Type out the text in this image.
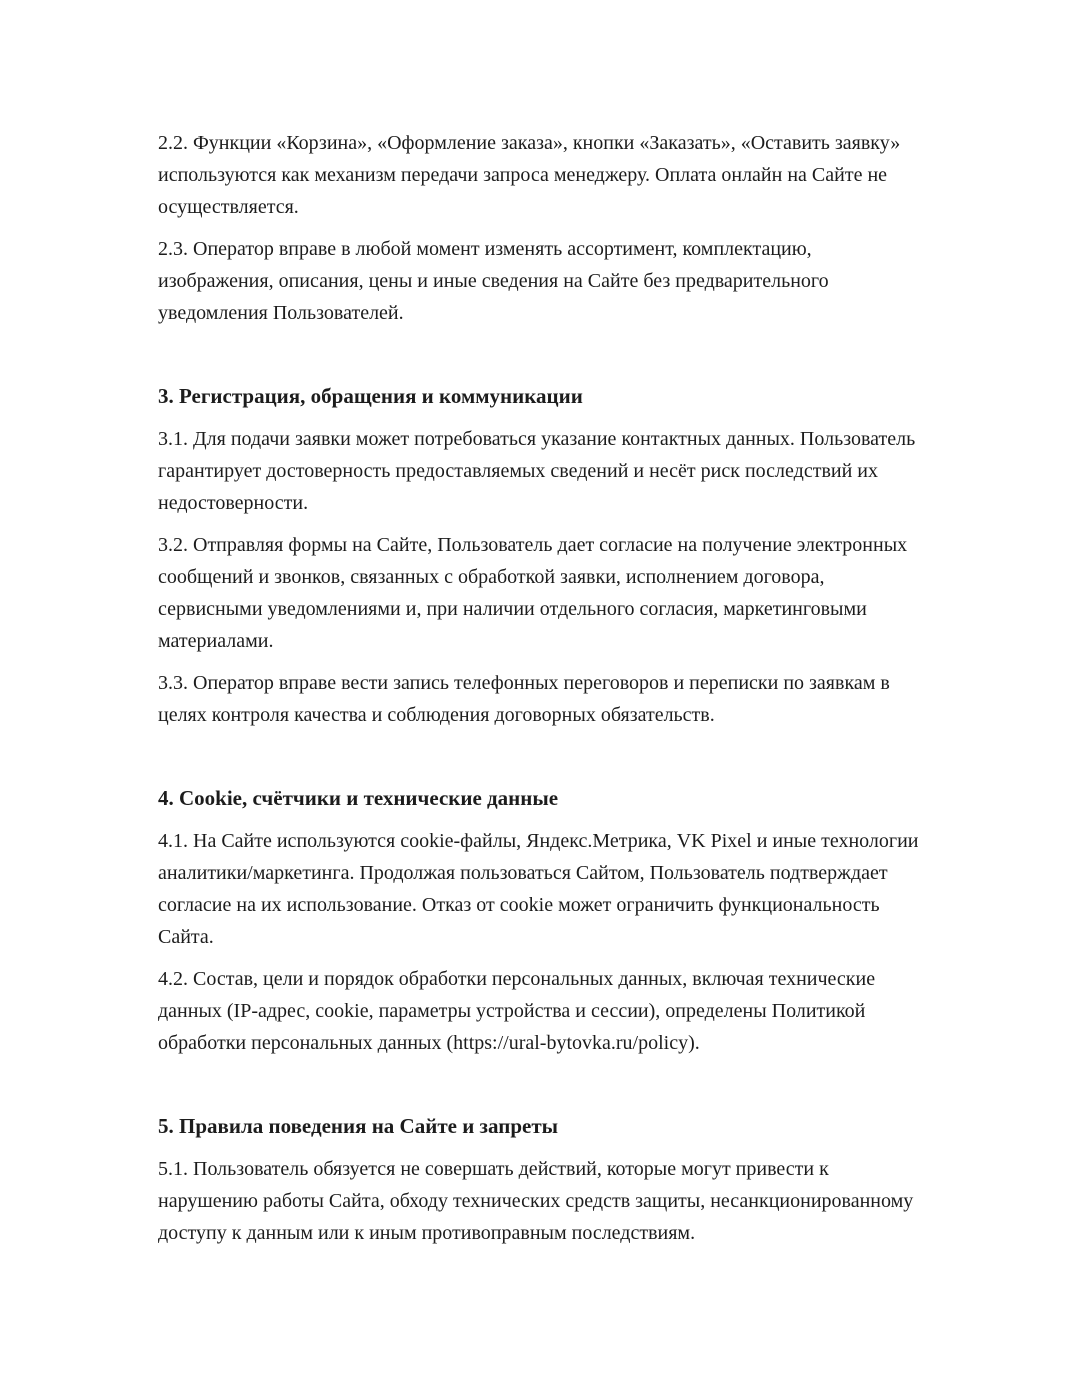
2.2. Функции «Корзина», «Оформление заказа», кнопки «Заказать», «Оставить заявку» используются как механизм передачи запроса менеджеру. Оплата онлайн на Сайте не осуществляется.

2.3. Оператор вправе в любой момент изменять ассортимент, комплектацию, изображения, описания, цены и иные сведения на Сайте без предварительного уведомления Пользователей.

3. Регистрация, обращения и коммуникации

3.1. Для подачи заявки может потребоваться указание контактных данных. Пользователь гарантирует достоверность предоставляемых сведений и несёт риск последствий их недостоверности.

3.2. Отправляя формы на Сайте, Пользователь дает согласие на получение электронных сообщений и звонков, связанных с обработкой заявки, исполнением договора, сервисными уведомлениями и, при наличии отдельного согласия, маркетинговыми материалами.

3.3. Оператор вправе вести запись телефонных переговоров и переписки по заявкам в целях контроля качества и соблюдения договорных обязательств.

4. Cookie, счётчики и технические данные

4.1. На Сайте используются cookie-файлы, Яндекс.Метрика, VK Pixel и иные технологии аналитики/маркетинга. Продолжая пользоваться Сайтом, Пользователь подтверждает согласие на их использование. Отказ от cookie может ограничить функциональность Сайта.

4.2. Состав, цели и порядок обработки персональных данных, включая технические данных (IP-адрес, cookie, параметры устройства и сессии), определены Политикой обработки персональных данных (https://ural-bytovka.ru/policy).

5. Правила поведения на Сайте и запреты

5.1. Пользователь обязуется не совершать действий, которые могут привести к нарушению работы Сайта, обходу технических средств защиты, несанкционированному доступу к данным или к иным противоправным последствиям.
